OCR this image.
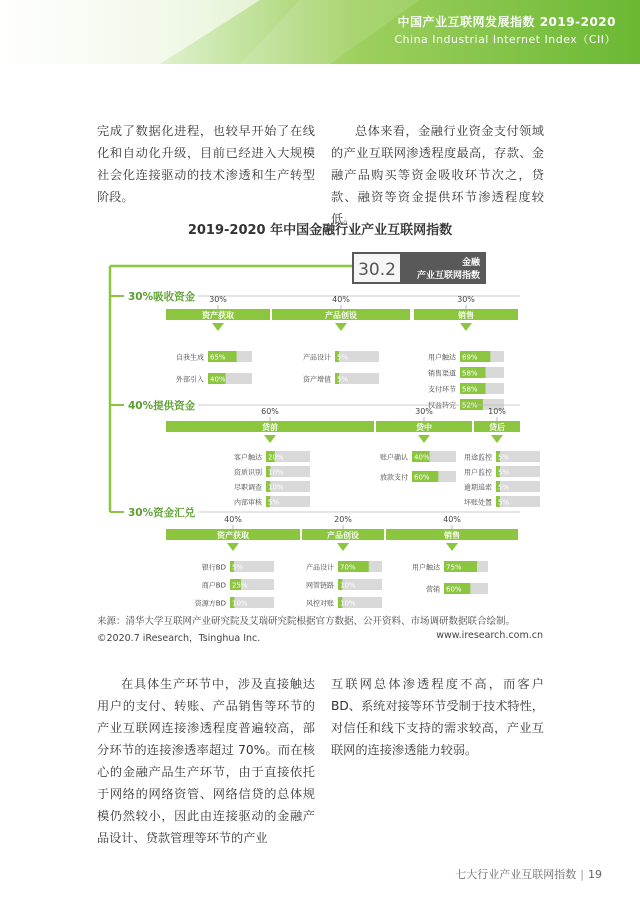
中国产业互联网发展指数 2019-2020
China Industrial Internet Index（CII）

完成了数据化进程，也较早开始了在线化和自动化升级，目前已经进入大规模社会化连接驱动的技术渗透和生产转型阶段。

总体来看，金融行业资金支付领域的产业互联网渗透程度最高，存款、金融产品购买等资金吸收环节次之，贷款、融资等资金提供环节渗透程度较低。

2019-2020 年中国金融行业产业互联网指数
30.2	金融
产业互联网指数
30%吸收资金 30%
资产获取
自我生成 65%
外部引入 40%
40%
产品创设
产品设计 5%
资产增值 5%
30%
销售
用户触达 69%
销售渠道 58%
支付环节 58%
权益转完 52%
40%提供资金	60%
贷前
客户触达 20%
资质识别 10%
尽职调查 10%
内部审核 5%
30%
贷中
账户确认 40%
放款支付 60%
10%
贷后
用途监控 5%
用户监控 5%
逾期追索 5%
坏账处置 5%
30%资金汇兑
40%
资产获取
银行BD 5%
商户BD 25%
资源方BD 10%
20%
产品创设
产品设计 70%
网管链路 10%
风控对账 10%
40%
销售
用户触达 75%
营销 60%
来源：清华大学互联网产业研究院及艾瑞研究院根据官方数据、公开资料、市场调研数据联合绘制。
©2020.7 iResearch，Tsinghua Inc.	www.iresearch.com.cn

在具体生产环节中，涉及直接触达用户的支付、转账、产品销售等环节的产业互联网连接渗透程度普遍较高，部分环节的连接渗透率超过 70%。而在核心的金融产品生产环节，由于直接依托于网络的网络资管、网络信贷的总体规模仍然较小，因此由连接驱动的金融产品设计、贷款管理等环节的产业

互联网总体渗透程度不高，而客户 BD、系统对接等环节受制于技术特性，对信任和线下支持的需求较高，产业互联网的连接渗透能力较弱。

七大行业产业互联网指数 | 19
